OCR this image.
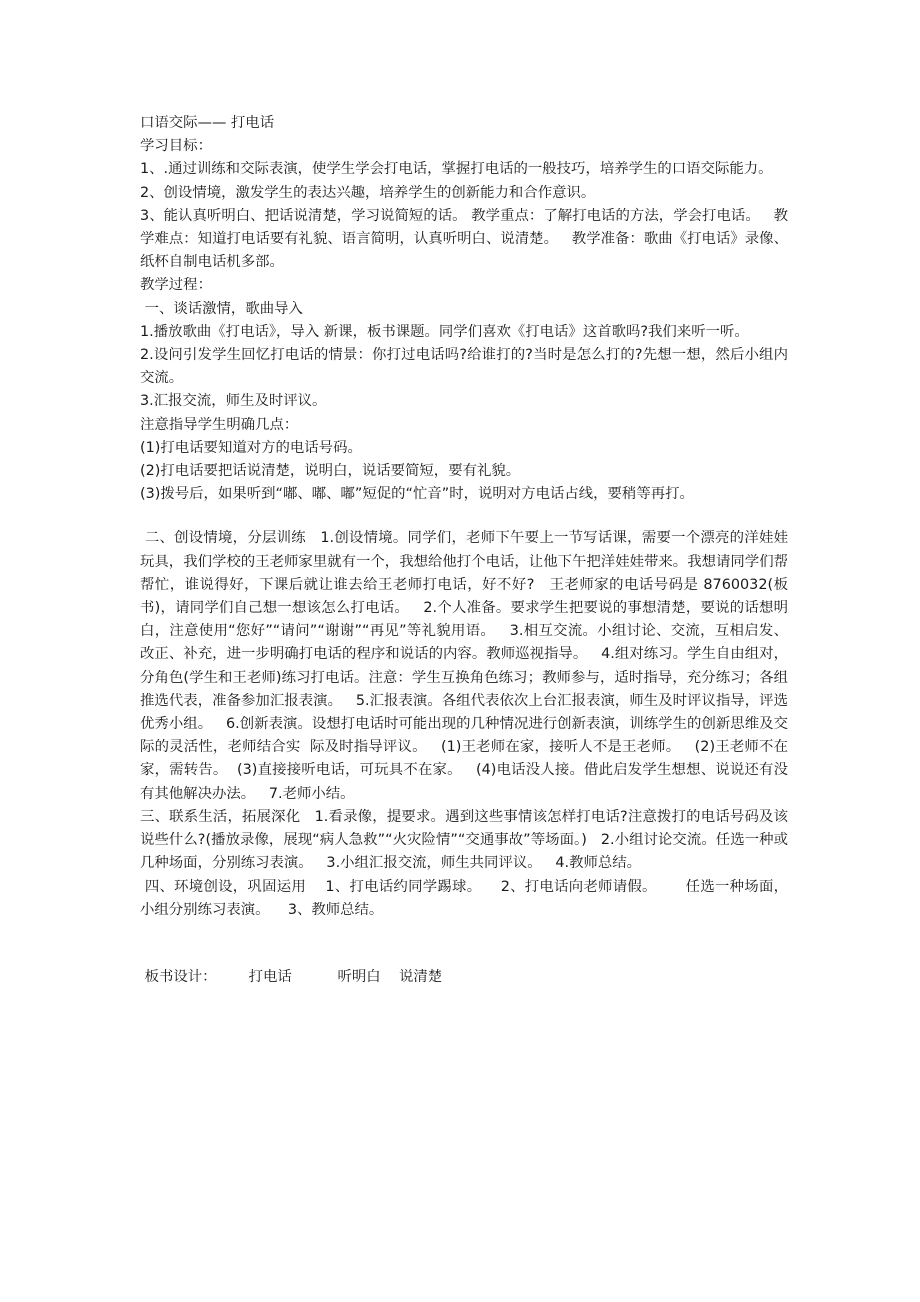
口语交际—— 打电话

学习目标：

1、.通过训练和交际表演，使学生学会打电话，掌握打电话的一般技巧，培养学生的口语交际能力。

2、创设情境，激发学生的表达兴趣，培养学生的创新能力和合作意识。

3、能认真听明白、把话说清楚，学习说简短的话。 教学重点：了解打电话的方法，学会打电话。   教学难点：知道打电话要有礼貌、语言简明，认真听明白、说清楚。   教学准备：歌曲《打电话》录像、纸杯自制电话机多部。

教学过程：

一、谈话激情，歌曲导入

1.播放歌曲《打电话》，导入 新课，板书课题。同学们喜欢《打电话》这首歌吗?我们来听一听。

2.设问引发学生回忆打电话的情景：你打过电话吗?给谁打的?当时是怎么打的?先想一想，然后小组内交流。

3.汇报交流，师生及时评议。

注意指导学生明确几点：

(1)打电话要知道对方的电话号码。

(2)打电话要把话说清楚，说明白，说话要简短，要有礼貌。

(3)拨号后，如果听到“嘟、嘟、嘟”短促的“忙音”时，说明对方电话占线，要稍等再打。

二、创设情境，分层训练   1.创设情境。同学们，老师下午要上一节写话课，需要一个漂亮的洋娃娃玩具，我们学校的王老师家里就有一个，我想给他打个电话，让他下午把洋娃娃带来。我想请同学们帮帮忙，谁说得好，下课后就让谁去给王老师打电话，好不好?   王老师家的电话号码是 8760032(板书)，请同学们自己想一想该怎么打电话。   2.个人准备。要求学生把要说的事想清楚，要说的话想明白，注意使用“您好”“请问”“谢谢”“再见”等礼貌用语。   3.相互交流。小组讨论、交流，互相启发、改正、补充，进一步明确打电话的程序和说话的内容。教师巡视指导。   4.组对练习。学生自由组对，分角色(学生和王老师)练习打电话。注意：学生互换角色练习；教师参与，适时指导，充分练习；各组推选代表，准备参加汇报表演。   5.汇报表演。各组代表依次上台汇报表演，师生及时评议指导，评选优秀小组。   6.创新表演。设想打电话时可能出现的几种情况进行创新表演，训练学生的创新思维及交际的灵活性，老师结合实  际及时指导评议。   (1)王老师在家，接听人不是王老师。   (2)王老师不在家，需转告。  (3)直接接听电话，可玩具不在家。   (4)电话没人接。借此启发学生想想、说说还有没有其他解决办法。   7.老师小结。

三、联系生活，拓展深化   1.看录像，提要求。遇到这些事情该怎样打电话?注意拨打的电话号码及该说些什么?(播放录像，展现“病人急救”“火灾险情”“交通事故”等场面。)   2.小组讨论交流。任选一种或几种场面，分别练习表演。   3.小组汇报交流，师生共同评议。   4.教师总结。

四、环境创设，巩固运用    1、打电话约同学踢球。    2、打电话向老师请假。      任选一种场面，小组分别练习表演。    3、教师总结。

板书设计： 打电话	听明白 说清楚
